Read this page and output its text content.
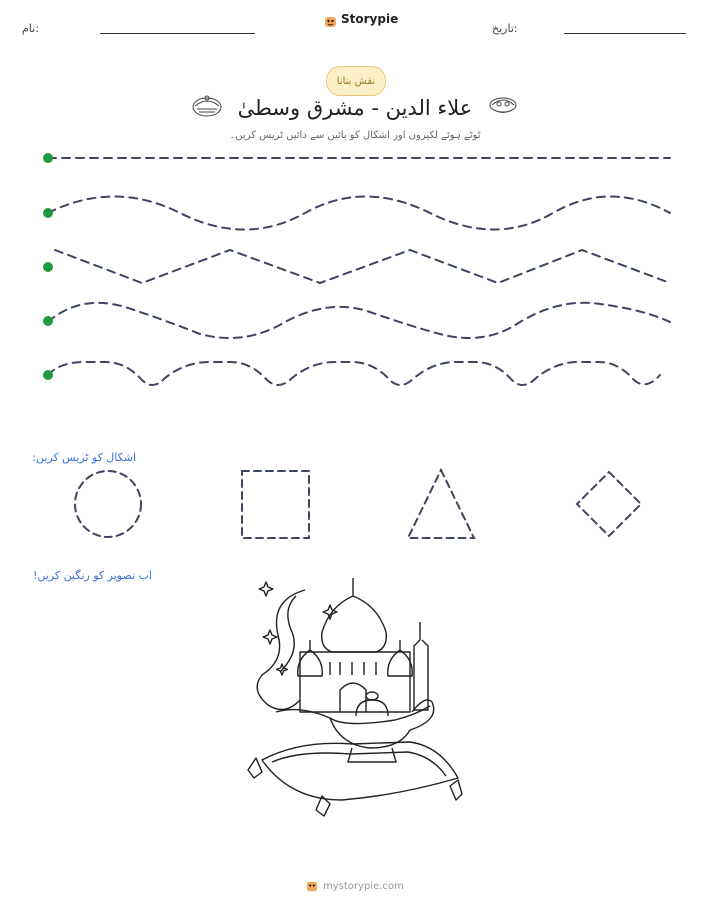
نام:
Storypie
تاریخ:
نقش بنانا
علاء الدین - مشرق وسطیٰ
ٹوٹے ہوئے لکیروں اور اشکال کو بائیں سے دائیں ٹریس کریں۔
اشکال کو ٹریس کریں:
اب تصویر کو رنگین کریں!
mystorypie.com
